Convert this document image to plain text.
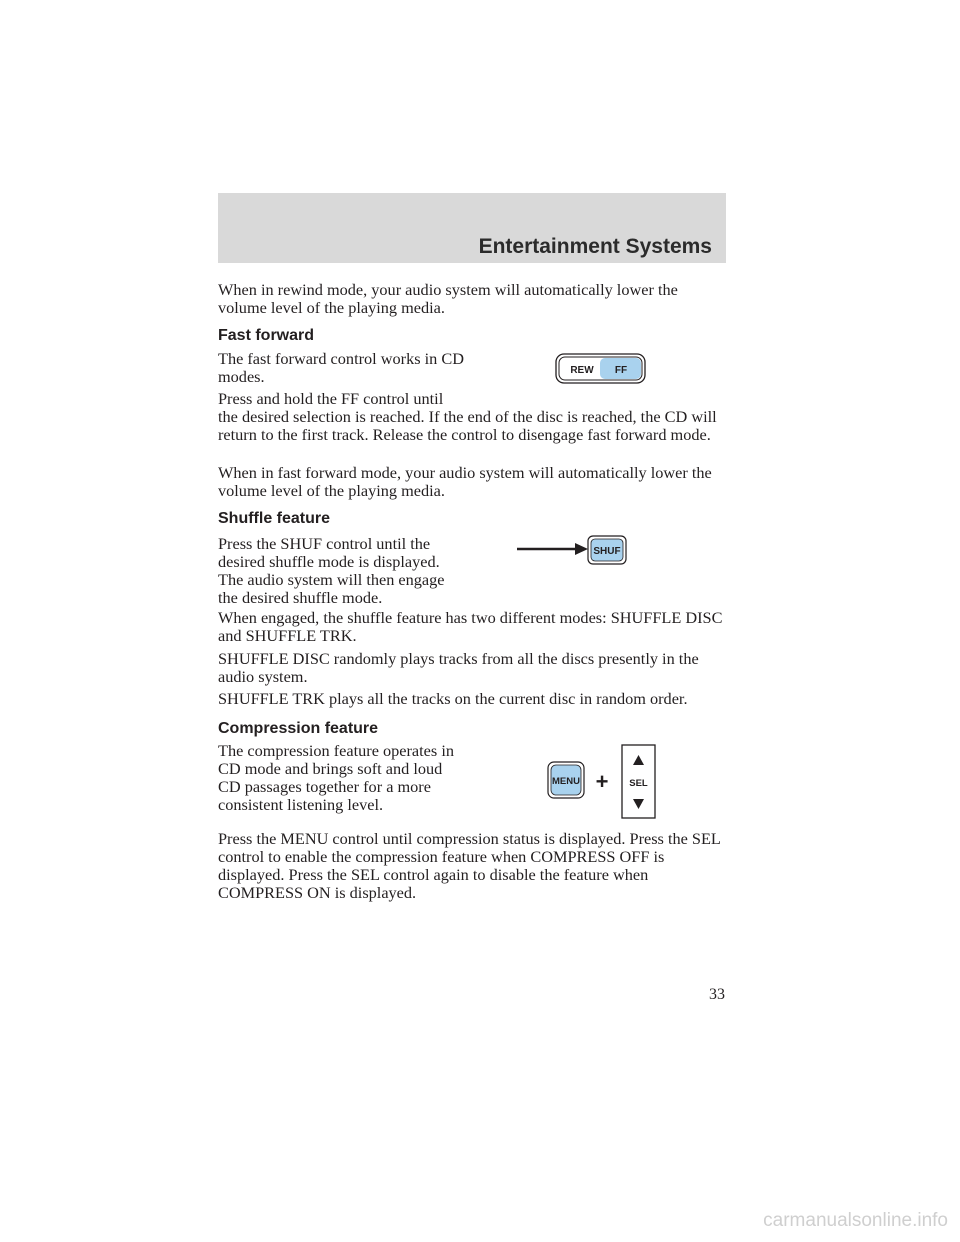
Entertainment Systems

When in rewind mode, your audio system will automatically lower the volume level of the playing media.

Fast forward

The fast forward control works in CD modes.

Press and hold the FF control until
the desired selection is reached. If the end of the disc is reached, the CD will return to the first track. Release the control to disengage fast forward mode.

When in fast forward mode, your audio system will automatically lower the volume level of the playing media.

Shuffle feature

Press the SHUF control until the desired shuffle mode is displayed. The audio system will then engage the desired shuffle mode.

When engaged, the shuffle feature has two different modes: SHUFFLE DISC and SHUFFLE TRK.

SHUFFLE DISC randomly plays tracks from all the discs presently in the audio system.

SHUFFLE TRK plays all the tracks on the current disc in random order.

Compression feature

The compression feature operates in CD mode and brings soft and loud CD passages together for a more consistent listening level.

Press the MENU control until compression status is displayed. Press the SEL control to enable the compression feature when COMPRESS OFF is displayed. Press the SEL control again to disable the feature when COMPRESS ON is displayed.

REW FF
SHUF
MENU + SEL

33

carmanualsonline.info
